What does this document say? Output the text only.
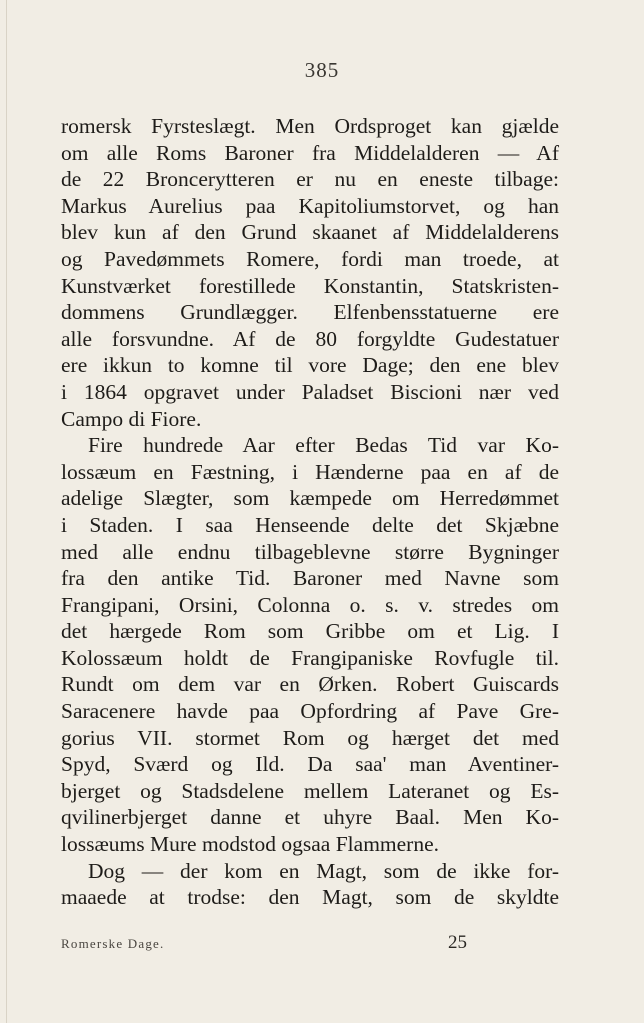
385
romersk Fyrsteslægt. Men Ordsproget kan gjælde
om alle Roms Baroner fra Middelalderen — Af
de 22 Broncerytteren er nu en eneste tilbage:
Markus Aurelius paa Kapitoliumstorvet, og han
blev kun af den Grund skaanet af Middelalderens
og Pavedømmets Romere, fordi man troede, at
Kunstværket forestillede Konstantin, Statskristen-
dommens Grundlægger. Elfenbensstatuerne ere
alle forsvundne. Af de 80 forgyldte Gudestatuer
ere ikkun to komne til vore Dage; den ene blev
i 1864 opgravet under Paladset Biscioni nær ved
Campo di Fiore.
Fire hundrede Aar efter Bedas Tid var Ko-
lossæum en Fæstning, i Hænderne paa en af de
adelige Slægter, som kæmpede om Herredømmet
i Staden. I saa Henseende delte det Skjæbne
med alle endnu tilbageblevne større Bygninger
fra den antike Tid. Baroner med Navne som
Frangipani, Orsini, Colonna o. s. v. stredes om
det hærgede Rom som Gribbe om et Lig. I
Kolossæum holdt de Frangipaniske Rovfugle til.
Rundt om dem var en Ørken. Robert Guiscards
Saracenere havde paa Opfordring af Pave Gre-
gorius VII. stormet Rom og hærget det med
Spyd, Sværd og Ild. Da saa' man Aventiner-
bjerget og Stadsdelene mellem Lateranet og Es-
qvilinerbjerget danne et uhyre Baal. Men Ko-
lossæums Mure modstod ogsaa Flammerne.
Dog — der kom en Magt, som de ikke for-
maaede at trodse: den Magt, som de skyldte
Romerske Dage.	25
